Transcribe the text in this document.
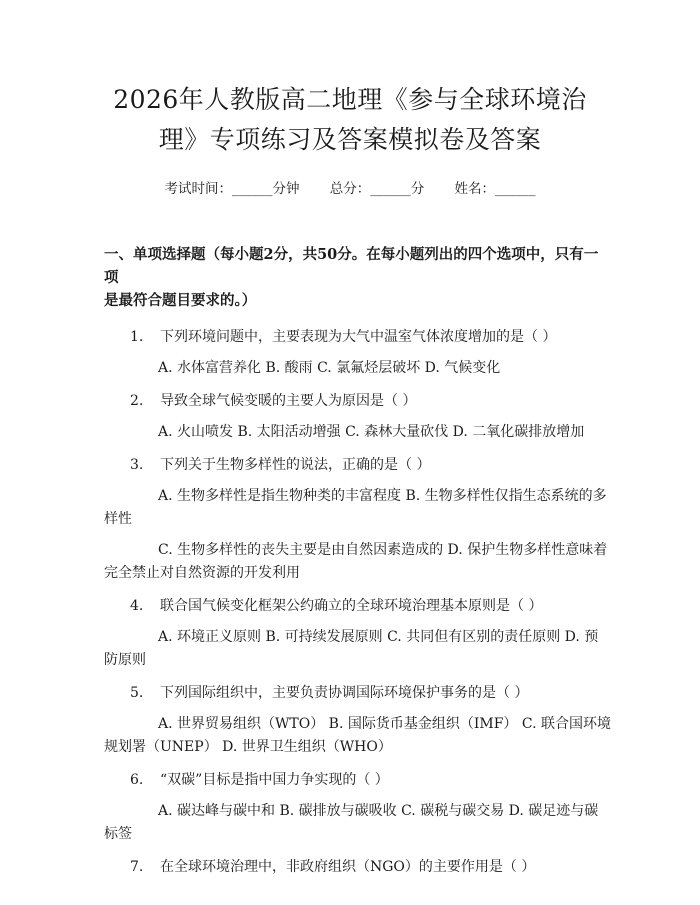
2026年人教版高二地理《参与全球环境治
理》专项练习及答案模拟卷及答案
考试时间：______分钟 总分：______分 姓名：______
一、单项选择题（每小题2分，共50分。在每小题列出的四个选项中，只有一项
是最符合题目要求的。）

1. 下列环境问题中，主要表现为大气中温室气体浓度增加的是（ ）

A. 水体富营养化 B. 酸雨 C. 氯氟烃层破坏 D. 气候变化

2. 导致全球气候变暖的主要人为原因是（ ）

A. 火山喷发 B. 太阳活动增强 C. 森林大量砍伐 D. 二氧化碳排放增加

3. 下列关于生物多样性的说法，正确的是（ ）

A. 生物多样性是指生物种类的丰富程度 B. 生物多样性仅指生态系统的多样性

C. 生物多样性的丧失主要是由自然因素造成的 D. 保护生物多样性意味着完全禁止对自然资源的开发利用

4. 联合国气候变化框架公约确立的全球环境治理基本原则是（ ）

A. 环境正义原则 B. 可持续发展原则 C. 共同但有区别的责任原则 D. 预防原则

5. 下列国际组织中，主要负责协调国际环境保护事务的是（ ）

A. 世界贸易组织（WTO） B. 国际货币基金组织（IMF） C. 联合国环境规划署（UNEP） D. 世界卫生组织（WHO）

6. “双碳”目标是指中国力争实现的（ ）

A. 碳达峰与碳中和 B. 碳排放与碳吸收 C. 碳税与碳交易 D. 碳足迹与碳标签

7. 在全球环境治理中，非政府组织（NGO）的主要作用是（ ）
